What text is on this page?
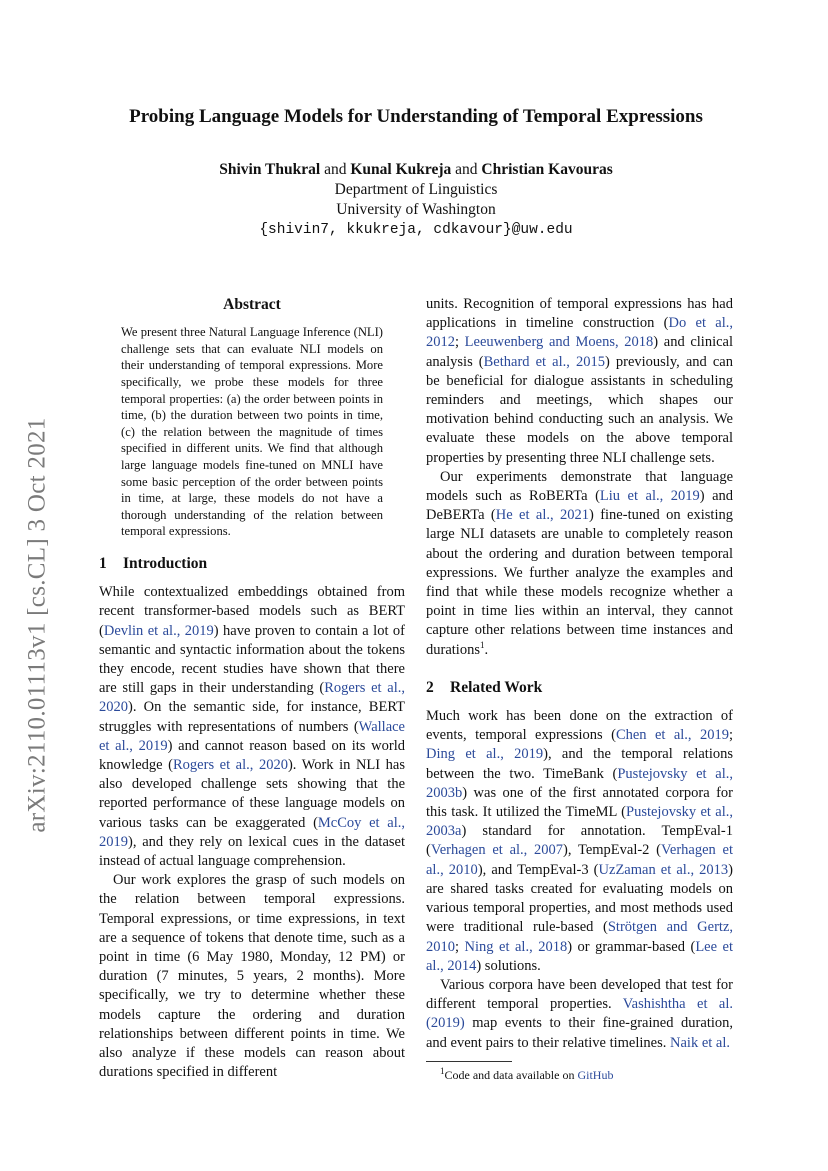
arXiv:2110.01113v1 [cs.CL] 3 Oct 2021
Probing Language Models for Understanding of Temporal Expressions
Shivin Thukral and Kunal Kukreja and Christian Kavouras
Department of Linguistics
University of Washington
{shivin7, kkukreja, cdkavour}@uw.edu
Abstract

We present three Natural Language Inference (NLI) challenge sets that can evaluate NLI models on their understanding of temporal expressions. More specifically, we probe these models for three temporal properties: (a) the order between points in time, (b) the duration between two points in time, (c) the relation between the magnitude of times specified in different units. We find that although large language models fine-tuned on MNLI have some basic perception of the order between points in time, at large, these models do not have a thorough understanding of the relation between temporal expressions.

1 Introduction

While contextualized embeddings obtained from recent transformer-based models such as BERT (Devlin et al., 2019) have proven to contain a lot of semantic and syntactic information about the tokens they encode, recent studies have shown that there are still gaps in their understanding (Rogers et al., 2020). On the semantic side, for instance, BERT struggles with representations of numbers (Wallace et al., 2019) and cannot reason based on its world knowledge (Rogers et al., 2020). Work in NLI has also developed challenge sets showing that the reported performance of these language models on various tasks can be exaggerated (McCoy et al., 2019), and they rely on lexical cues in the dataset instead of actual language comprehension.

Our work explores the grasp of such models on the relation between temporal expressions. Temporal expressions, or time expressions, in text are a sequence of tokens that denote time, such as a point in time (6 May 1980, Monday, 12 PM) or duration (7 minutes, 5 years, 2 months). More specifically, we try to determine whether these models capture the ordering and duration relationships between different points in time. We also analyze if these models can reason about durations specified in different

units. Recognition of temporal expressions has had applications in timeline construction (Do et al., 2012; Leeuwenberg and Moens, 2018) and clinical analysis (Bethard et al., 2015) previously, and can be beneficial for dialogue assistants in scheduling reminders and meetings, which shapes our motivation behind conducting such an analysis. We evaluate these models on the above temporal properties by presenting three NLI challenge sets.

Our experiments demonstrate that language models such as RoBERTa (Liu et al., 2019) and DeBERTa (He et al., 2021) fine-tuned on existing large NLI datasets are unable to completely reason about the ordering and duration between temporal expressions. We further analyze the examples and find that while these models recognize whether a point in time lies within an interval, they cannot capture other relations between time instances and durations$^1$.

2 Related Work

Much work has been done on the extraction of events, temporal expressions (Chen et al., 2019; Ding et al., 2019), and the temporal relations between the two. TimeBank (Pustejovsky et al., 2003b) was one of the first annotated corpora for this task. It utilized the TimeML (Pustejovsky et al., 2003a) standard for annotation. TempEval-1 (Verhagen et al., 2007), TempEval-2 (Verhagen et al., 2010), and TempEval-3 (UzZaman et al., 2013) are shared tasks created for evaluating models on various temporal properties, and most methods used were traditional rule-based (Strötgen and Gertz, 2010; Ning et al., 2018) or grammar-based (Lee et al., 2014) solutions.

Various corpora have been developed that test for different temporal properties. Vashishtha et al. (2019) map events to their fine-grained duration, and event pairs to their relative timelines. Naik et al.

$^1$Code and data available on GitHub
